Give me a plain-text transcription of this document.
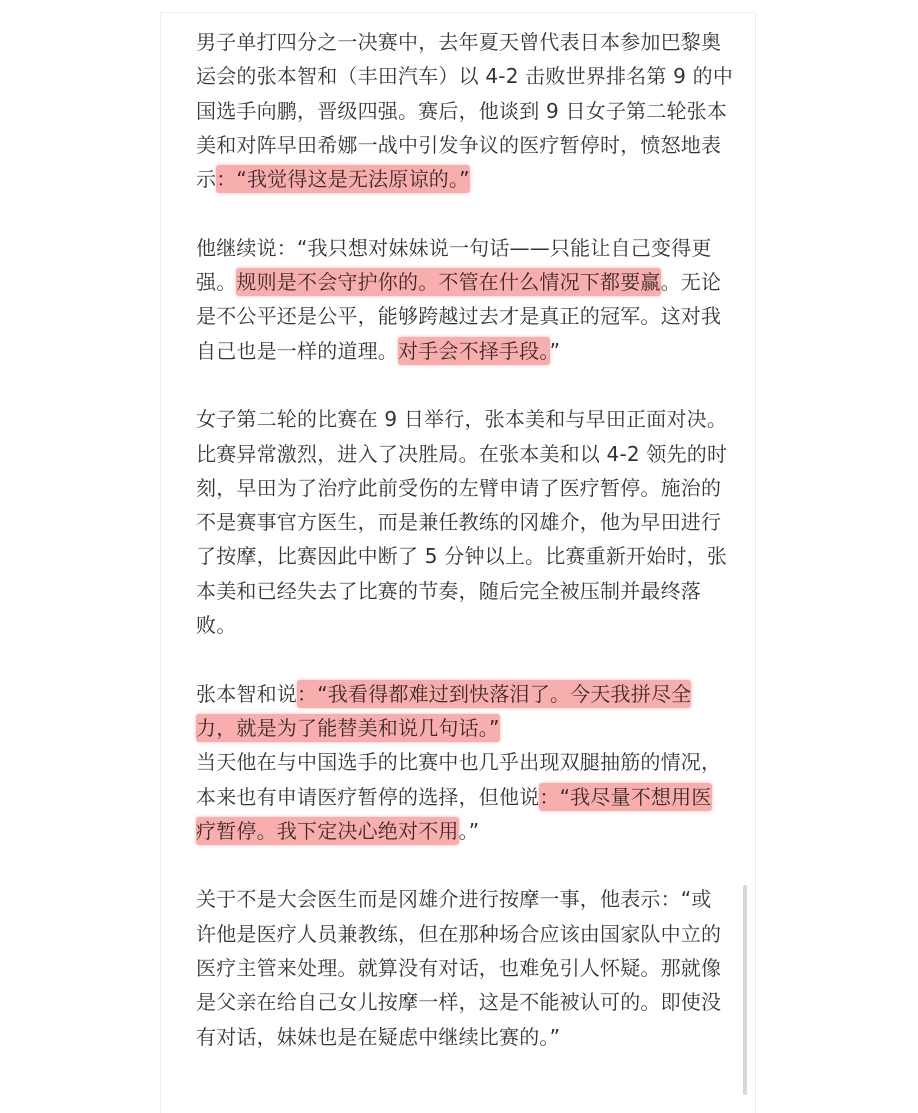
男子单打四分之一决赛中，去年夏天曾代表日本参加巴黎奥
运会的张本智和（丰田汽车）以 4-2 击败世界排名第 9 的中
国选手向鹏，晋级四强。赛后，他谈到 9 日女子第二轮张本
美和对阵早田希娜一战中引发争议的医疗暂停时，愤怒地表
示：“我觉得这是无法原谅的。”
他继续说：“我只想对妹妹说一句话——只能让自己变得更
强。规则是不会守护你的。不管在什么情况下都要赢。无论
是不公平还是公平，能够跨越过去才是真正的冠军。这对我
自己也是一样的道理。对手会不择手段。”
女子第二轮的比赛在 9 日举行，张本美和与早田正面对决。
比赛异常激烈，进入了决胜局。在张本美和以 4-2 领先的时
刻，早田为了治疗此前受伤的左臂申请了医疗暂停。施治的
不是赛事官方医生，而是兼任教练的冈雄介，他为早田进行
了按摩，比赛因此中断了 5 分钟以上。比赛重新开始时，张
本美和已经失去了比赛的节奏，随后完全被压制并最终落
败。
张本智和说：“我看得都难过到快落泪了。今天我拼尽全
力，就是为了能替美和说几句话。”
当天他在与中国选手的比赛中也几乎出现双腿抽筋的情况，
本来也有申请医疗暂停的选择，但他说：“我尽量不想用医
疗暂停。我下定决心绝对不用。”
关于不是大会医生而是冈雄介进行按摩一事，他表示：“或
许他是医疗人员兼教练，但在那种场合应该由国家队中立的
医疗主管来处理。就算没有对话，也难免引人怀疑。那就像
是父亲在给自己女儿按摩一样，这是不能被认可的。即使没
有对话，妹妹也是在疑虑中继续比赛的。”
